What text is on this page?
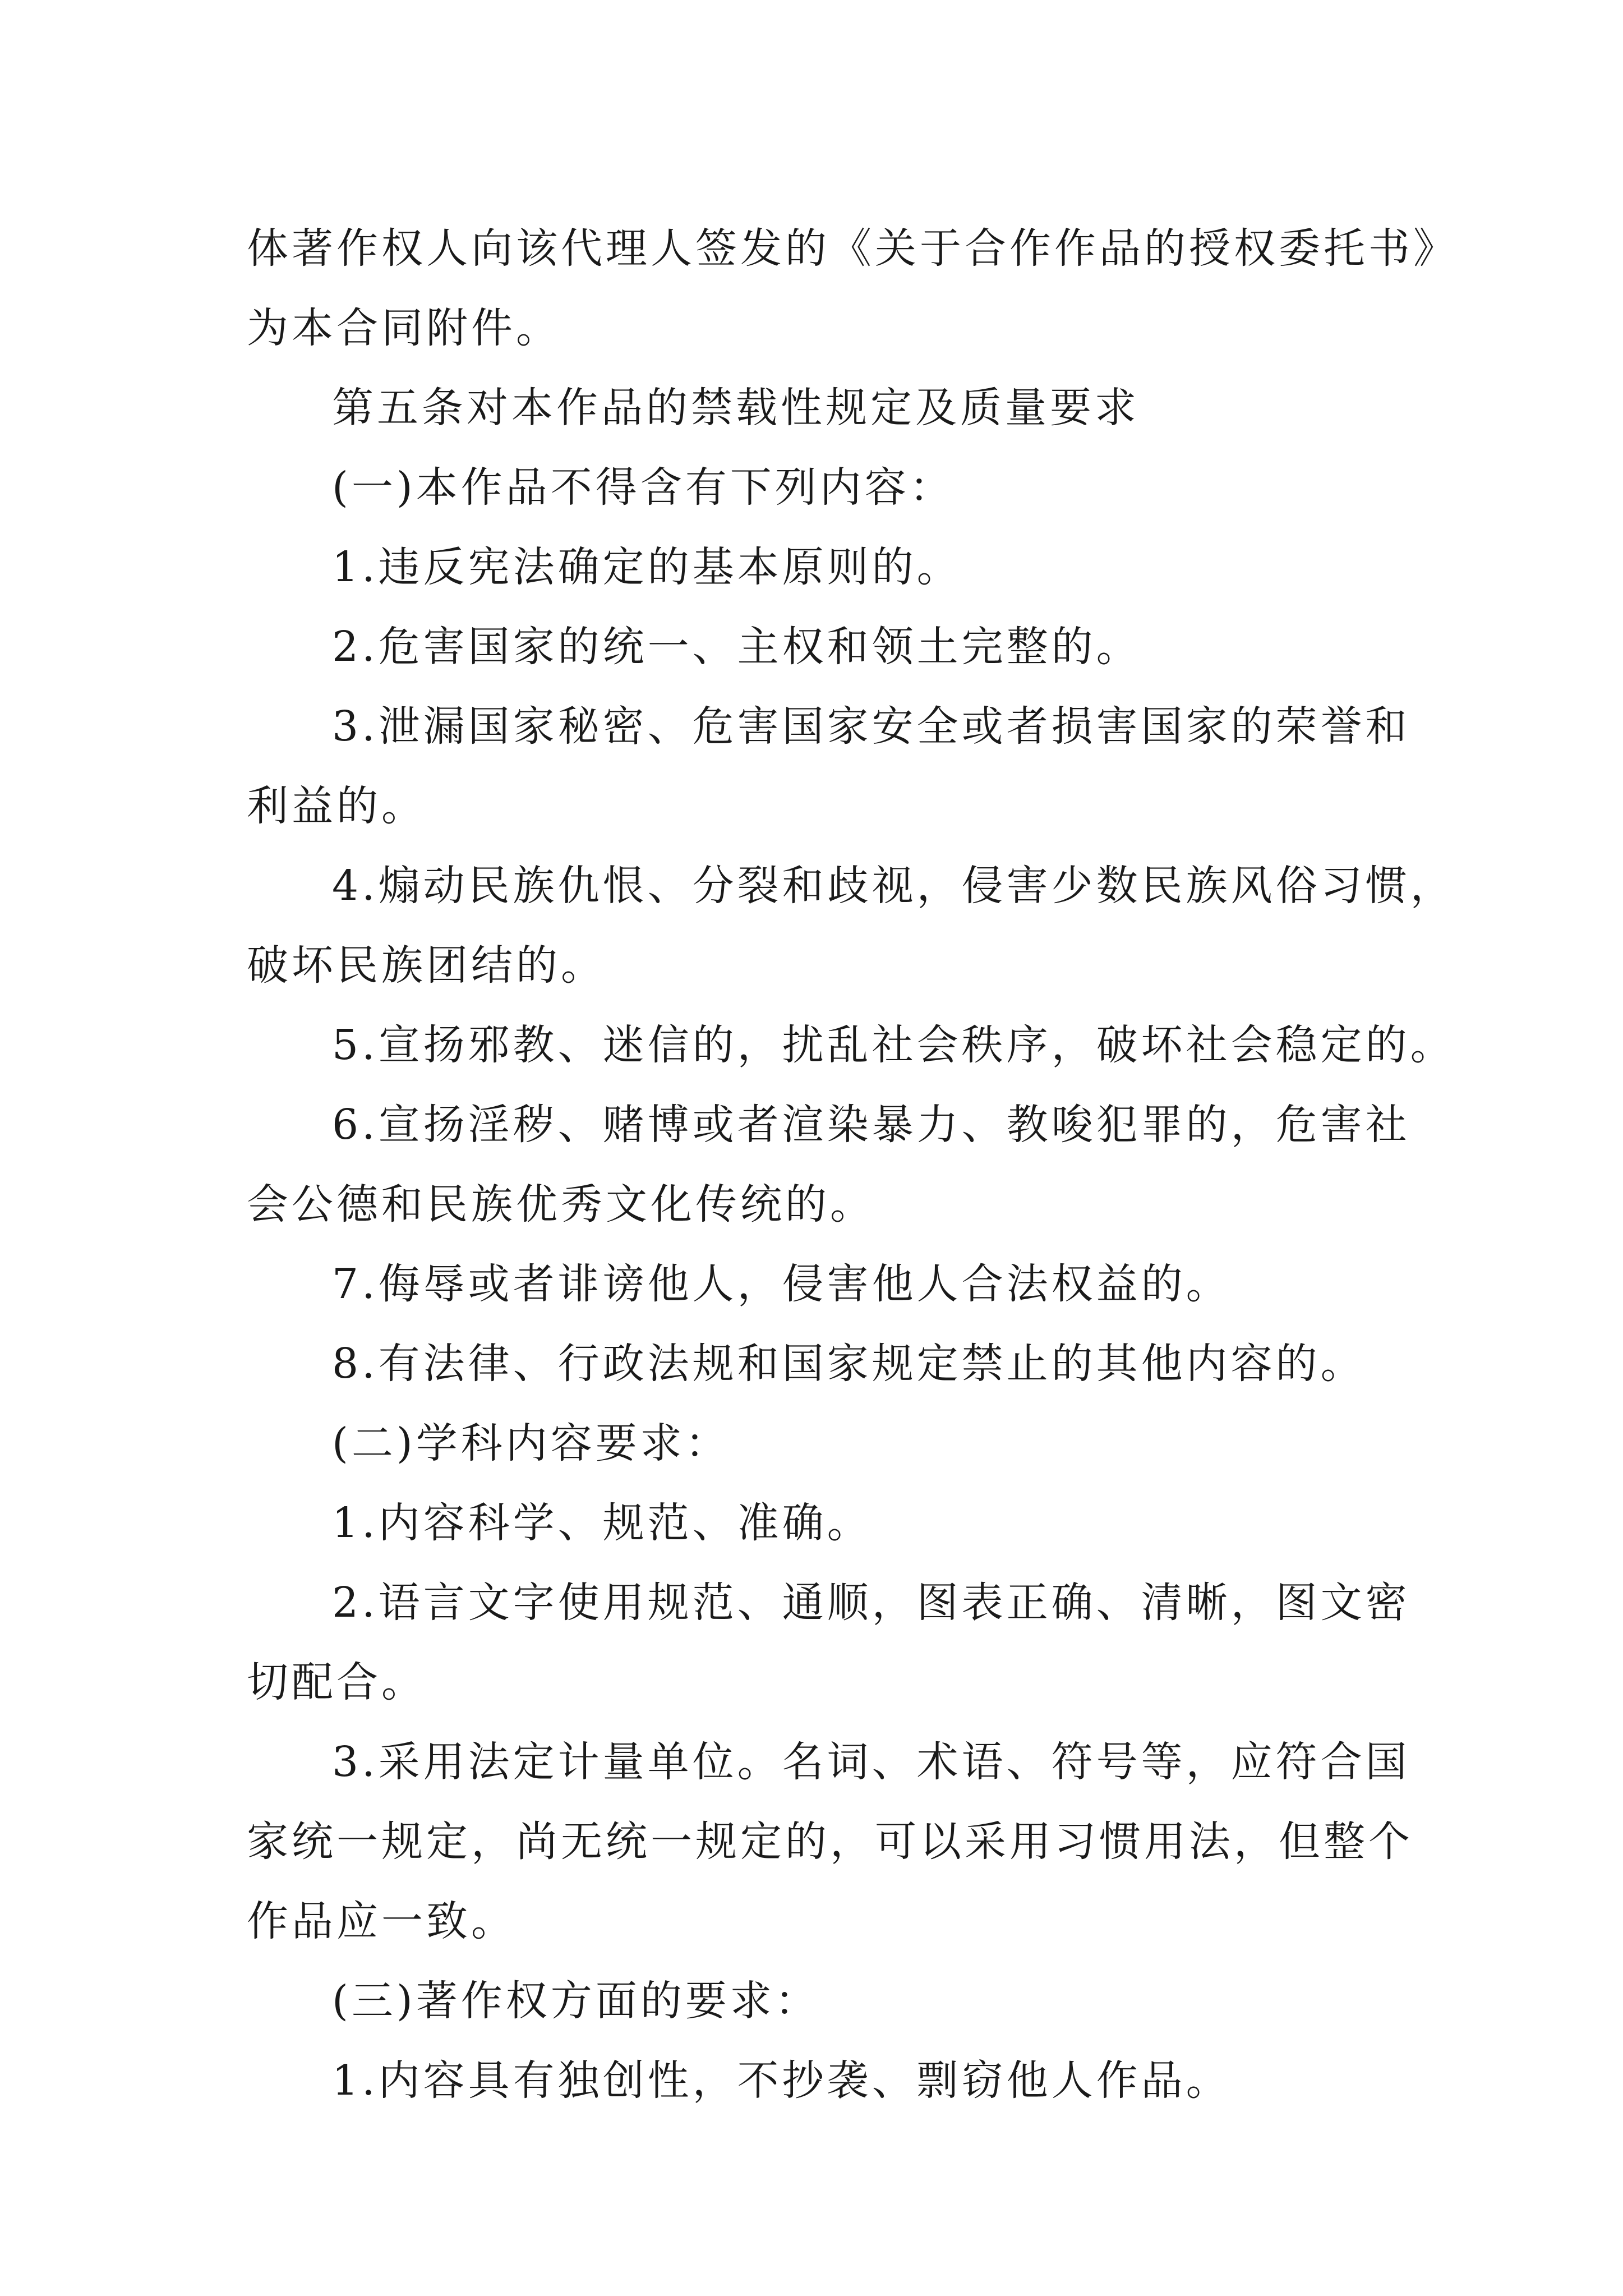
体著作权人向该代理人签发的《关于合作作品的授权委托书》
为本合同附件。
第五条对本作品的禁载性规定及质量要求
(一)本作品不得含有下列内容：
1.违反宪法确定的基本原则的。
2.危害国家的统一、主权和领土完整的。
3.泄漏国家秘密、危害国家安全或者损害国家的荣誉和
利益的。
4.煽动民族仇恨、分裂和歧视，侵害少数民族风俗习惯，
破坏民族团结的。
5.宣扬邪教、迷信的，扰乱社会秩序，破坏社会稳定的。
6.宣扬淫秽、赌博或者渲染暴力、教唆犯罪的，危害社
会公德和民族优秀文化传统的。
7.侮辱或者诽谤他人，侵害他人合法权益的。
8.有法律、行政法规和国家规定禁止的其他内容的。
(二)学科内容要求：
1.内容科学、规范、准确。
2.语言文字使用规范、通顺，图表正确、清晰，图文密
切配合。
3.采用法定计量单位。名词、术语、符号等，应符合国
家统一规定，尚无统一规定的，可以采用习惯用法，但整个
作品应一致。
(三)著作权方面的要求：
1.内容具有独创性，不抄袭、剽窃他人作品。
